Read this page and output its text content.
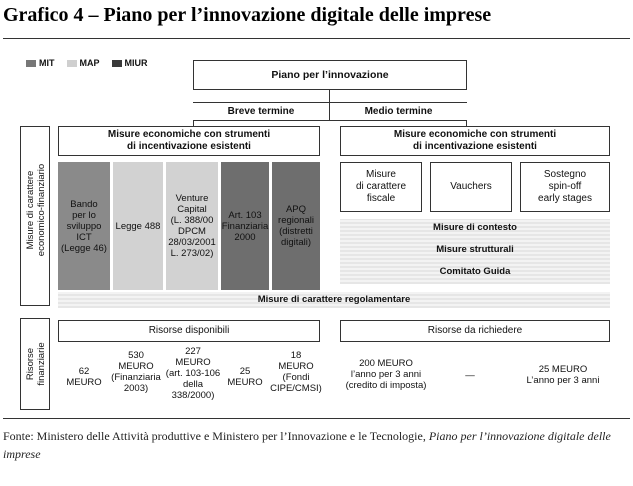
Grafico 4 – Piano per l’innovazione digitale delle imprese
MIT	MAP	MIUR
Piano per l’innovazione
Breve termine	Medio termine
Misure di carattere
economico-finanziario
Misure economiche con strumenti
di incentivazione esistenti
Bando
per lo
sviluppo
ICT
(Legge 46)
Legge 488
Venture
Capital
(L. 388/00
DPCM
28/03/2001
L. 273/02)
Art. 103
Finanziaria
2000
APQ
regionali
(distretti
digitali)
Misure economiche con strumenti
di incentivazione esistenti
Misure
di carattere
fiscale
Vauchers
Sostegno
spin-off
early stages
Misure di contesto
Misure strutturali
Comitato Guida
Misure di carattere regolamentare
Risorse
finanziarie
Risorse disponibili	Risorse da richiedere
62
MEURO
530
MEURO
(Finanziaria
2003)
227
MEURO
(art. 103-106
della
338/2000)
25
MEURO
18
MEURO
(Fondi
CIPE/CMSI)
200 MEURO
l’anno per 3 anni
(credito di imposta)
—
25 MEURO
L’anno per 3 anni
Fonte: Ministero delle Attività produttive e Ministero per l’Innovazione e le Tecnologie, Piano per l’innovazione digitale delle imprese
